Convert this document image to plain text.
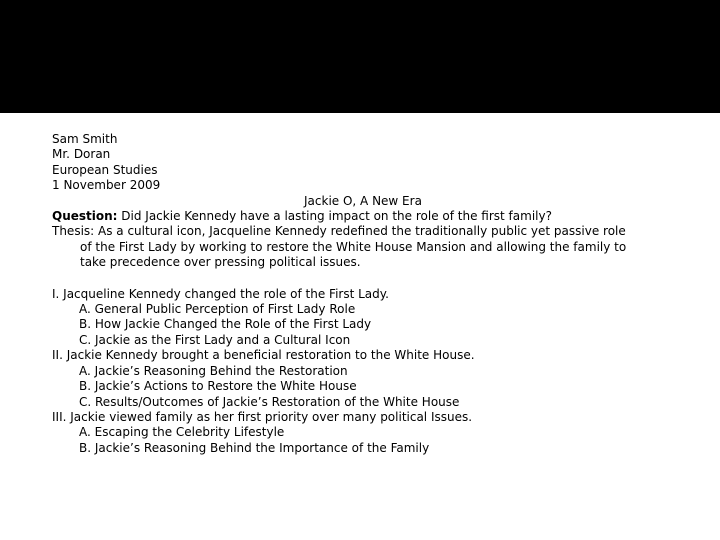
Sam Smith
Mr. Doran
European Studies
1 November 2009
Jackie O, A New Era
Question: Did Jackie Kennedy have a lasting impact on the role of the first family?
Thesis: As a cultural icon, Jacqueline Kennedy redefined the traditionally public yet passive role
of the First Lady by working to restore the White House Mansion and allowing the family to
take precedence over pressing political issues.
I. Jacqueline Kennedy changed the role of the First Lady.
A. General Public Perception of First Lady Role
B. How Jackie Changed the Role of the First Lady
C. Jackie as the First Lady and a Cultural Icon
II. Jackie Kennedy brought a beneficial restoration to the White House.
A. Jackie’s Reasoning Behind the Restoration
B. Jackie’s Actions to Restore the White House
C. Results/Outcomes of Jackie’s Restoration of the White House
III. Jackie viewed family as her first priority over many political Issues.
A. Escaping the Celebrity Lifestyle
B. Jackie’s Reasoning Behind the Importance of the Family
